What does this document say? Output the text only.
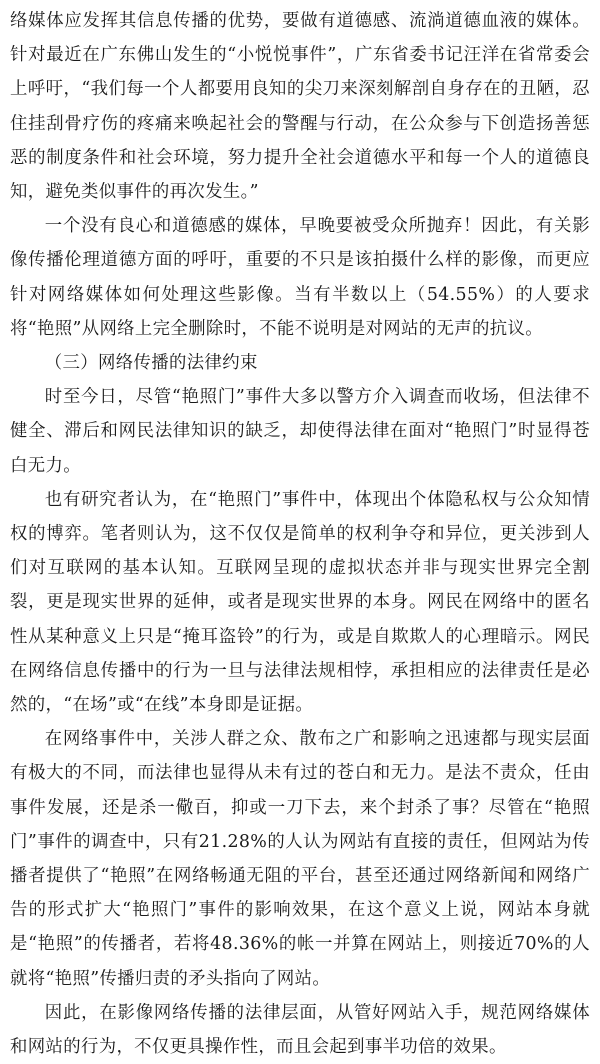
络媒体应发挥其信息传播的优势，要做有道德感、流淌道德血液的媒体。针对最近在广东佛山发生的“小悦悦事件”，广东省委书记汪洋在省常委会上呼吁，“我们每一个人都要用良知的尖刀来深刻解剖自身存在的丑陋，忍住挂刮骨疗伤的疼痛来唤起社会的警醒与行动，在公众参与下创造扬善惩恶的制度条件和社会环境，努力提升全社会道德水平和每一个人的道德良知，避免类似事件的再次发生。”

一个没有良心和道德感的媒体，早晚要被受众所抛弃！因此，有关影像传播伦理道德方面的呼吁，重要的不只是该拍摄什么样的影像，而更应针对网络媒体如何处理这些影像。当有半数以上（54.55%）的人要求将“艳照”从网络上完全删除时，不能不说明是对网站的无声的抗议。

（三）网络传播的法律约束

时至今日，尽管“艳照门”事件大多以警方介入调查而收场，但法律不健全、滞后和网民法律知识的缺乏，却使得法律在面对“艳照门”时显得苍白无力。

也有研究者认为，在“艳照门”事件中，体现出个体隐私权与公众知情权的博弈。笔者则认为，这不仅仅是简单的权利争夺和异位，更关涉到人们对互联网的基本认知。互联网呈现的虚拟状态并非与现实世界完全割裂，更是现实世界的延伸，或者是现实世界的本身。网民在网络中的匿名性从某种意义上只是“掩耳盗铃”的行为，或是自欺欺人的心理暗示。网民在网络信息传播中的行为一旦与法律法规相悖，承担相应的法律责任是必然的，“在场”或“在线”本身即是证据。

在网络事件中，关涉人群之众、散布之广和影响之迅速都与现实层面有极大的不同，而法律也显得从未有过的苍白和无力。是法不责众，任由事件发展，还是杀一儆百，抑或一刀下去，来个封杀了事？尽管在“艳照门”事件的调查中，只有21.28%的人认为网站有直接的责任，但网站为传播者提供了“艳照”在网络畅通无阻的平台，甚至还通过网络新闻和网络广告的形式扩大“艳照门”事件的影响效果，在这个意义上说，网站本身就是“艳照”的传播者，若将48.36%的帐一并算在网站上，则接近70%的人就将“艳照”传播归责的矛头指向了网站。

因此，在影像网络传播的法律层面，从管好网站入手，规范网络媒体和网站的行为，不仅更具操作性，而且会起到事半功倍的效果。
